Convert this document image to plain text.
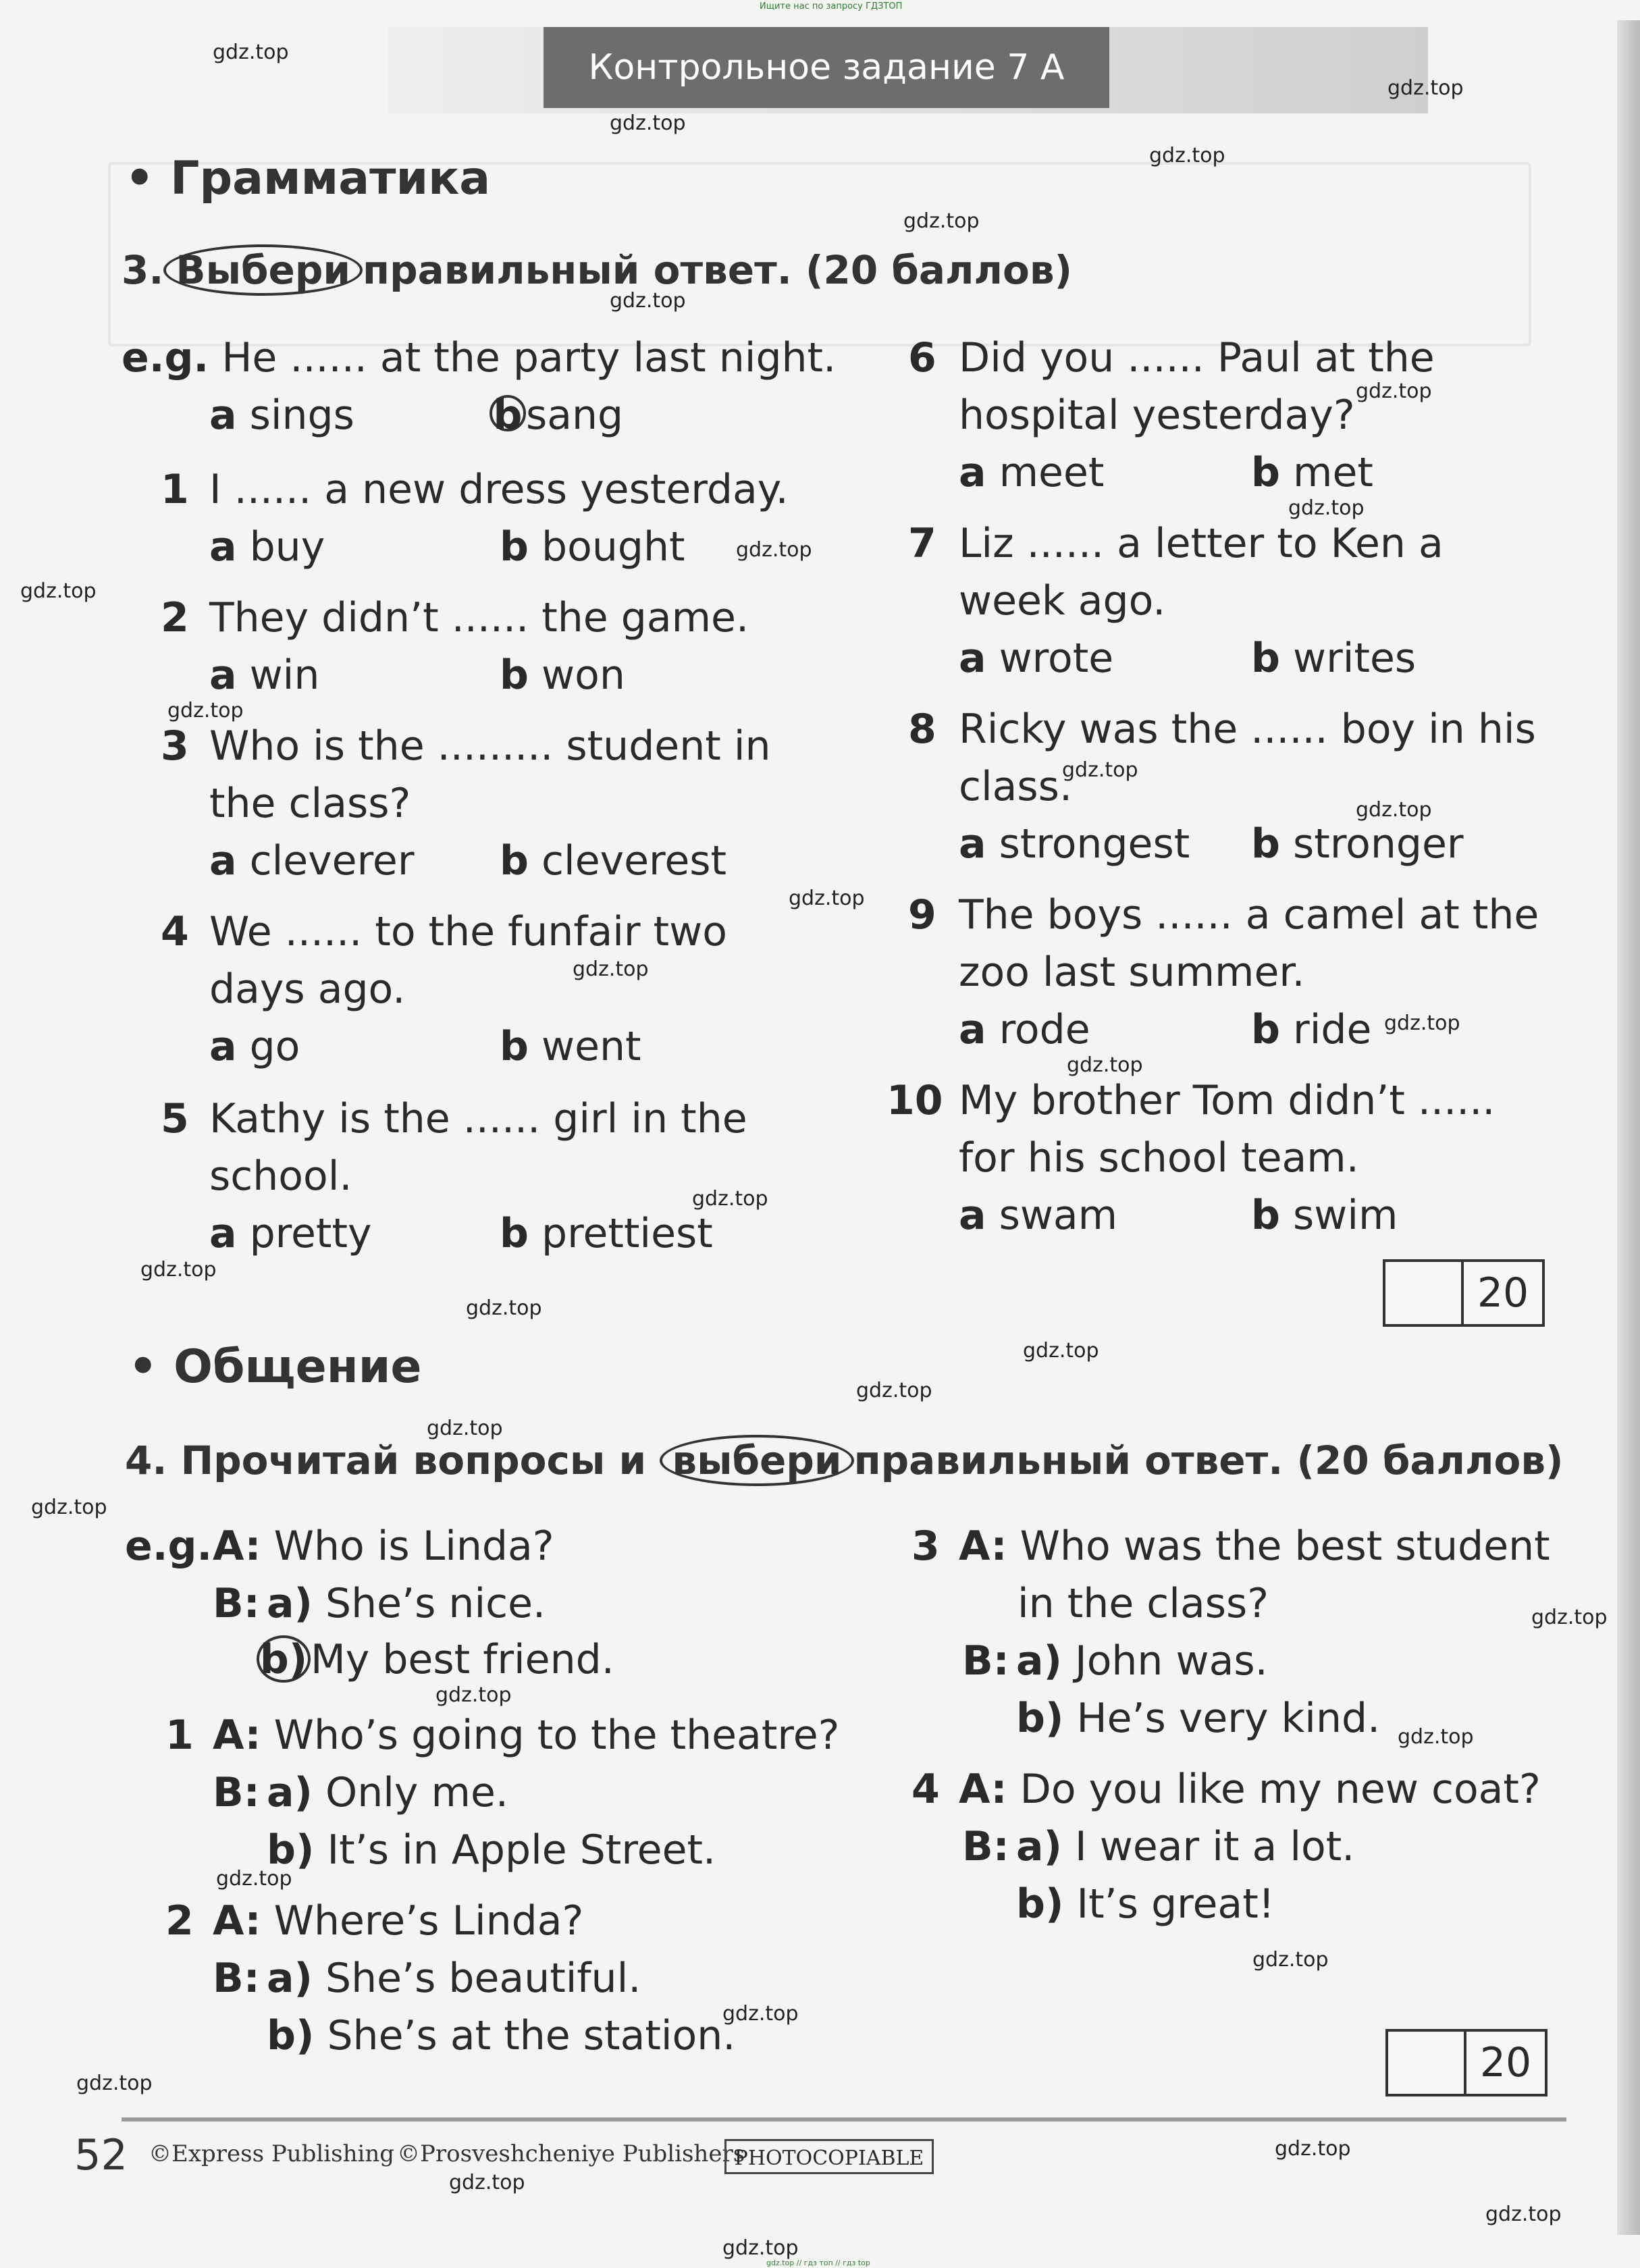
Ищите нас по запросу ГДЗТОП
Контрольное задание 7 A
• Грамматика
3. Выбери правильный ответ. (20 баллов)
e.g. He ...... at the party last night.
a sings	bsang
1 I ...... a new dress yesterday.
a buy	b bought
2 They didn’t ...... the game.
a win	b won
3 Who is the ......... student in
the class?
a cleverer b cleverest
4 We ...... to the funfair two
days ago.
a go	b went
5 Kathy is the ...... girl in the
school.
a pretty	b prettiest
6 Did you ...... Paul at the
hospital yesterday?
a meet	b met
7 Liz ...... a letter to Ken a
week ago.
a wrote	b writes
8 Ricky was the ...... boy in his
class.
a strongest b stronger
9 The boys ...... a camel at the
zoo last summer.
a rode	b ride
10 My brother Tom didn’t ......
for his school team.
a swam	b swim
20
• Общение
4. Прочитай вопросы и выбери правильный ответ. (20 баллов)
e.g.A: Who is Linda?
B: a) She’s nice.
b)My best friend.
1 A: Who’s going to the theatre?
B: a) Only me.
b) It’s in Apple Street.
2 A: Where’s Linda?
B: a) She’s beautiful.
b) She’s at the station.
3 A: Who was the best student
in the class?
B: a) John was.
b) He’s very kind.
4 A: Do you like my new coat?
B: a) I wear it a lot.
b) It’s great!
20
52 ©Express Publishing ©Prosveshcheniye Publishers
PHOTOCOPIABLE
gdz.top // гдз топ // гдз top
gdz.top
gdz.top
gdz.top
gdz.top
gdz.top
gdz.top
gdz.top
gdz.top
gdz.top
gdz.top
gdz.top
gdz.top
gdz.top
gdz.top
gdz.top
gdz.top
gdz.top
gdz.top
gdz.top
gdz.top
gdz.top
gdz.top
gdz.top
gdz.top
gdz.top
gdz.top
gdz.top
gdz.top
gdz.top
gdz.top
gdz.top
gdz.top
gdz.top
gdz.top
gdz.top
